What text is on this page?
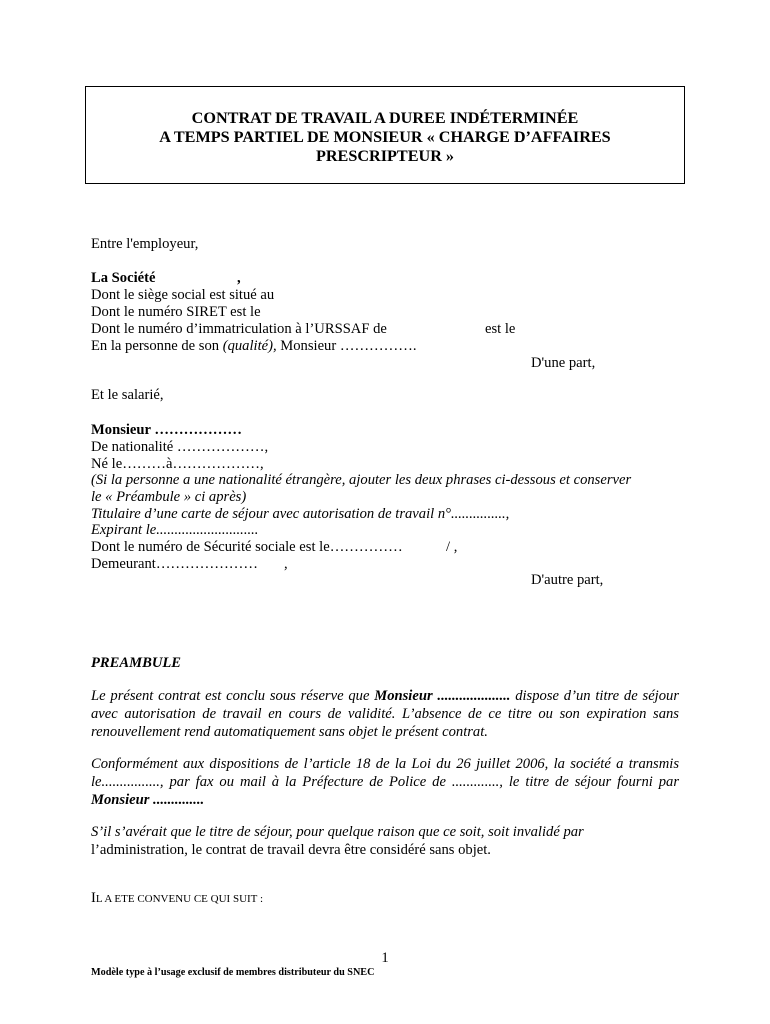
CONTRAT DE TRAVAIL A DUREE INDÉTERMINÉE
A TEMPS PARTIEL DE MONSIEUR « CHARGE D’AFFAIRES
PRESCRIPTEUR »
Entre l'employeur,
La Société	,
Dont le siège social est situé au
Dont le numéro SIRET est le
Dont le numéro d’immatriculation à l’URSSAF de	est le
En la personne de son (qualité), Monsieur …………….
D'une part,
Et le salarié,
Monsieur ………………
De nationalité ………………,
Né le………à………………,
(Si la personne a une nationalité étrangère, ajouter les deux phrases ci-dessous et conserver
le « Préambule » ci après)
Titulaire d’une carte de séjour avec autorisation de travail n°...............,
Expirant le............................
Dont le numéro de Sécurité sociale est le……………	/ ,
Demeurant………………… ,
D'autre part,
PREAMBULE
Le présent contrat est conclu sous réserve que Monsieur .................... dispose d’un titre de séjour avec autorisation de travail en cours de validité. L’absence de ce titre ou son expiration sans renouvellement rend automatiquement sans objet le présent contrat.
Conformément aux dispositions de l’article 18 de la Loi du 26 juillet 2006, la société a transmis le................, par fax ou mail à la Préfecture de Police de ............., le titre de séjour fourni par Monsieur ..............
S’il s’avérait que le titre de séjour, pour quelque raison que ce soit, soit invalidé par
l’administration, le contrat de travail devra être considéré sans objet.
IL A ETE CONVENU CE QUI SUIT :
1
Modèle type à l’usage exclusif de membres distributeur du SNEC
